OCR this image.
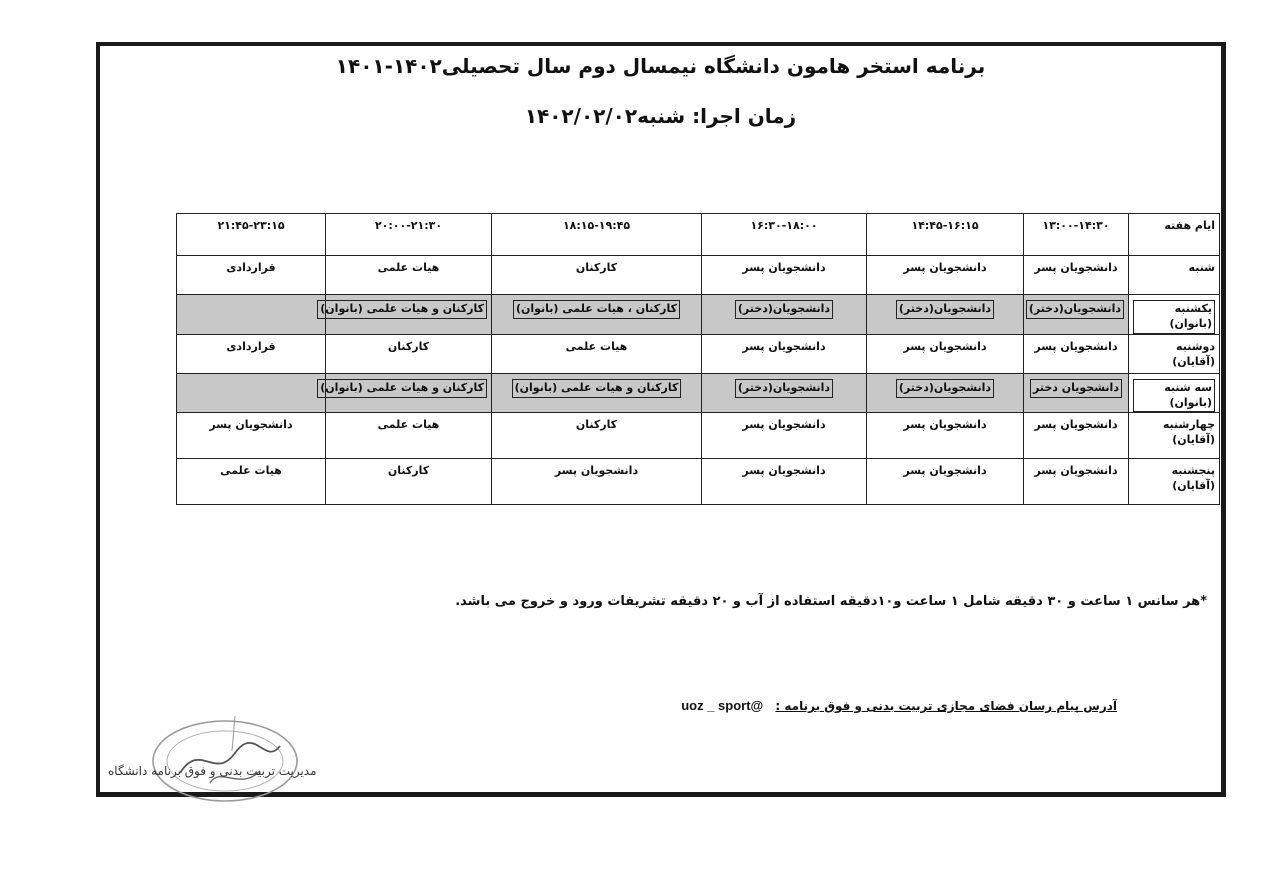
برنامه استخر هامون دانشگاه نیمسال دوم سال تحصیلی۱۴۰۲-۱۴۰۱
زمان اجرا: شنبه۱۴۰۲/۰۲/۰۲
ایام هفته	۱۳:۰۰-۱۴:۳۰	۱۴:۴۵-۱۶:۱۵	۱۶:۳۰-۱۸:۰۰	۱۸:۱۵-۱۹:۴۵	۲۰:۰۰-۲۱:۳۰	۲۱:۴۵-۲۳:۱۵
شنبه	دانشجویان پسر	دانشجویان پسر	دانشجویان پسر	کارکنان	هیات علمی	قراردادی
یکشنبه (بانوان)	دانشجویان(دختر)	دانشجویان(دختر)	دانشجویان(دختر)	کارکنان ، هیات علمی (بانوان)	کارکنان و هیات علمی (بانوان)	
دوشنبه (آقایان)	دانشجویان پسر	دانشجویان پسر	دانشجویان پسر	هیات علمی	کارکنان	قراردادی
سه شنبه (بانوان)	دانشجویان دختر	دانشجویان(دختر)	دانشجویان(دختر)	کارکنان و هیات علمی (بانوان)	کارکنان و هیات علمی (بانوان)	
چهارشنبه (آقایان)	دانشجویان پسر	دانشجویان پسر	دانشجویان پسر	کارکنان	هیات علمی	دانشجویان پسر
پنجشنبه (آقایان)	دانشجویان پسر	دانشجویان پسر	دانشجویان پسر	دانشجویان پسر	کارکنان	هیات علمی
*هر سانس ۱ ساعت و ۳۰ دقیقه شامل ۱ ساعت و۱۰دقیقه استفاده از آب و ۲۰ دقیقه تشریفات ورود و خروج می باشد.
آدرس پیام رسان فضای مجازی تربیت بدنی و فوق برنامه : @uoz _ sport
مدیریت تربیت بدنی و فوق برنامه دانشگاه
